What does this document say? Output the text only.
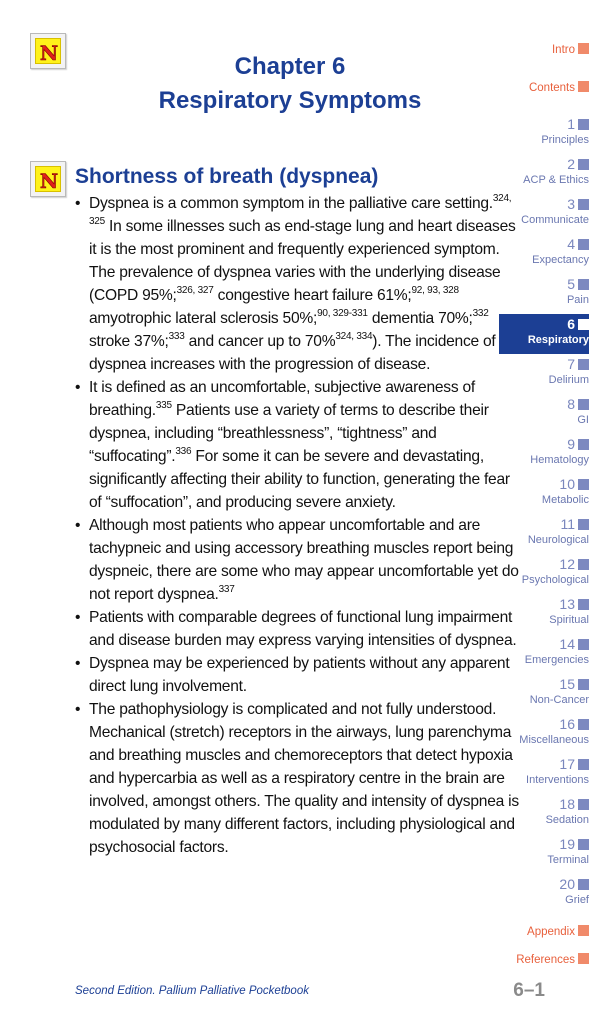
N	Chapter 6
Respiratory Symptoms
N Shortness of breath (dyspnea)
• Dyspnea is a common symptom in the palliative care setting.$^{324, 325}$ In some illnesses such as end-stage lung and heart diseases it is the most prominent and frequently experienced symptom. The prevalence of dyspnea varies with the underlying disease (COPD 95%;$^{326, 327}$ congestive heart failure 61%;$^{92, 93, 328}$ amyotrophic lateral sclerosis 50%;$^{90, 329-331}$ dementia 70%;$^{332}$ stroke 37%;$^{333}$ and cancer up to 70%$^{324, 334}$). The incidence of dyspnea increases with the progression of disease.
• It is defined as an uncomfortable, subjective awareness of breathing.$^{335}$ Patients use a variety of terms to describe their dyspnea, including “breathlessness”, “tightness” and “suffocating”.$^{336}$ For some it can be severe and devastating, significantly affecting their ability to function, generating the fear of “suffocation”, and producing severe anxiety.
• Although most patients who appear uncomfortable and are tachypneic and using accessory breathing muscles report being dyspneic, there are some who may appear uncomfortable yet do not report dyspnea.$^{337}$
• Patients with comparable degrees of functional lung impairment and disease burden may express varying intensities of dyspnea.
• Dyspnea may be experienced by patients without any apparent direct lung involvement.
• The pathophysiology is complicated and not fully understood. Mechanical (stretch) receptors in the airways, lung parenchyma and breathing muscles and chemoreceptors that detect hypoxia and hypercarbia as well as a respiratory centre in the brain are involved, amongst others. The quality and intensity of dyspnea is modulated by many different factors, including physiological and psychosocial factors.
Intro
Contents
1
Principles
2
ACP & Ethics
3
Communicate
4
Expectancy
5
Pain
6
Respiratory
7
Delirium
8
GI
9
Hematology
10
Metabolic
11
Neurological
12
Psychological
13
Spiritual
14
Emergencies
15
Non-Cancer
16
Miscellaneous
17
Interventions
18
Sedation
19
Terminal
20
Grief
Appendix
References
Second Edition. Pallium Palliative Pocketbook	6–1
